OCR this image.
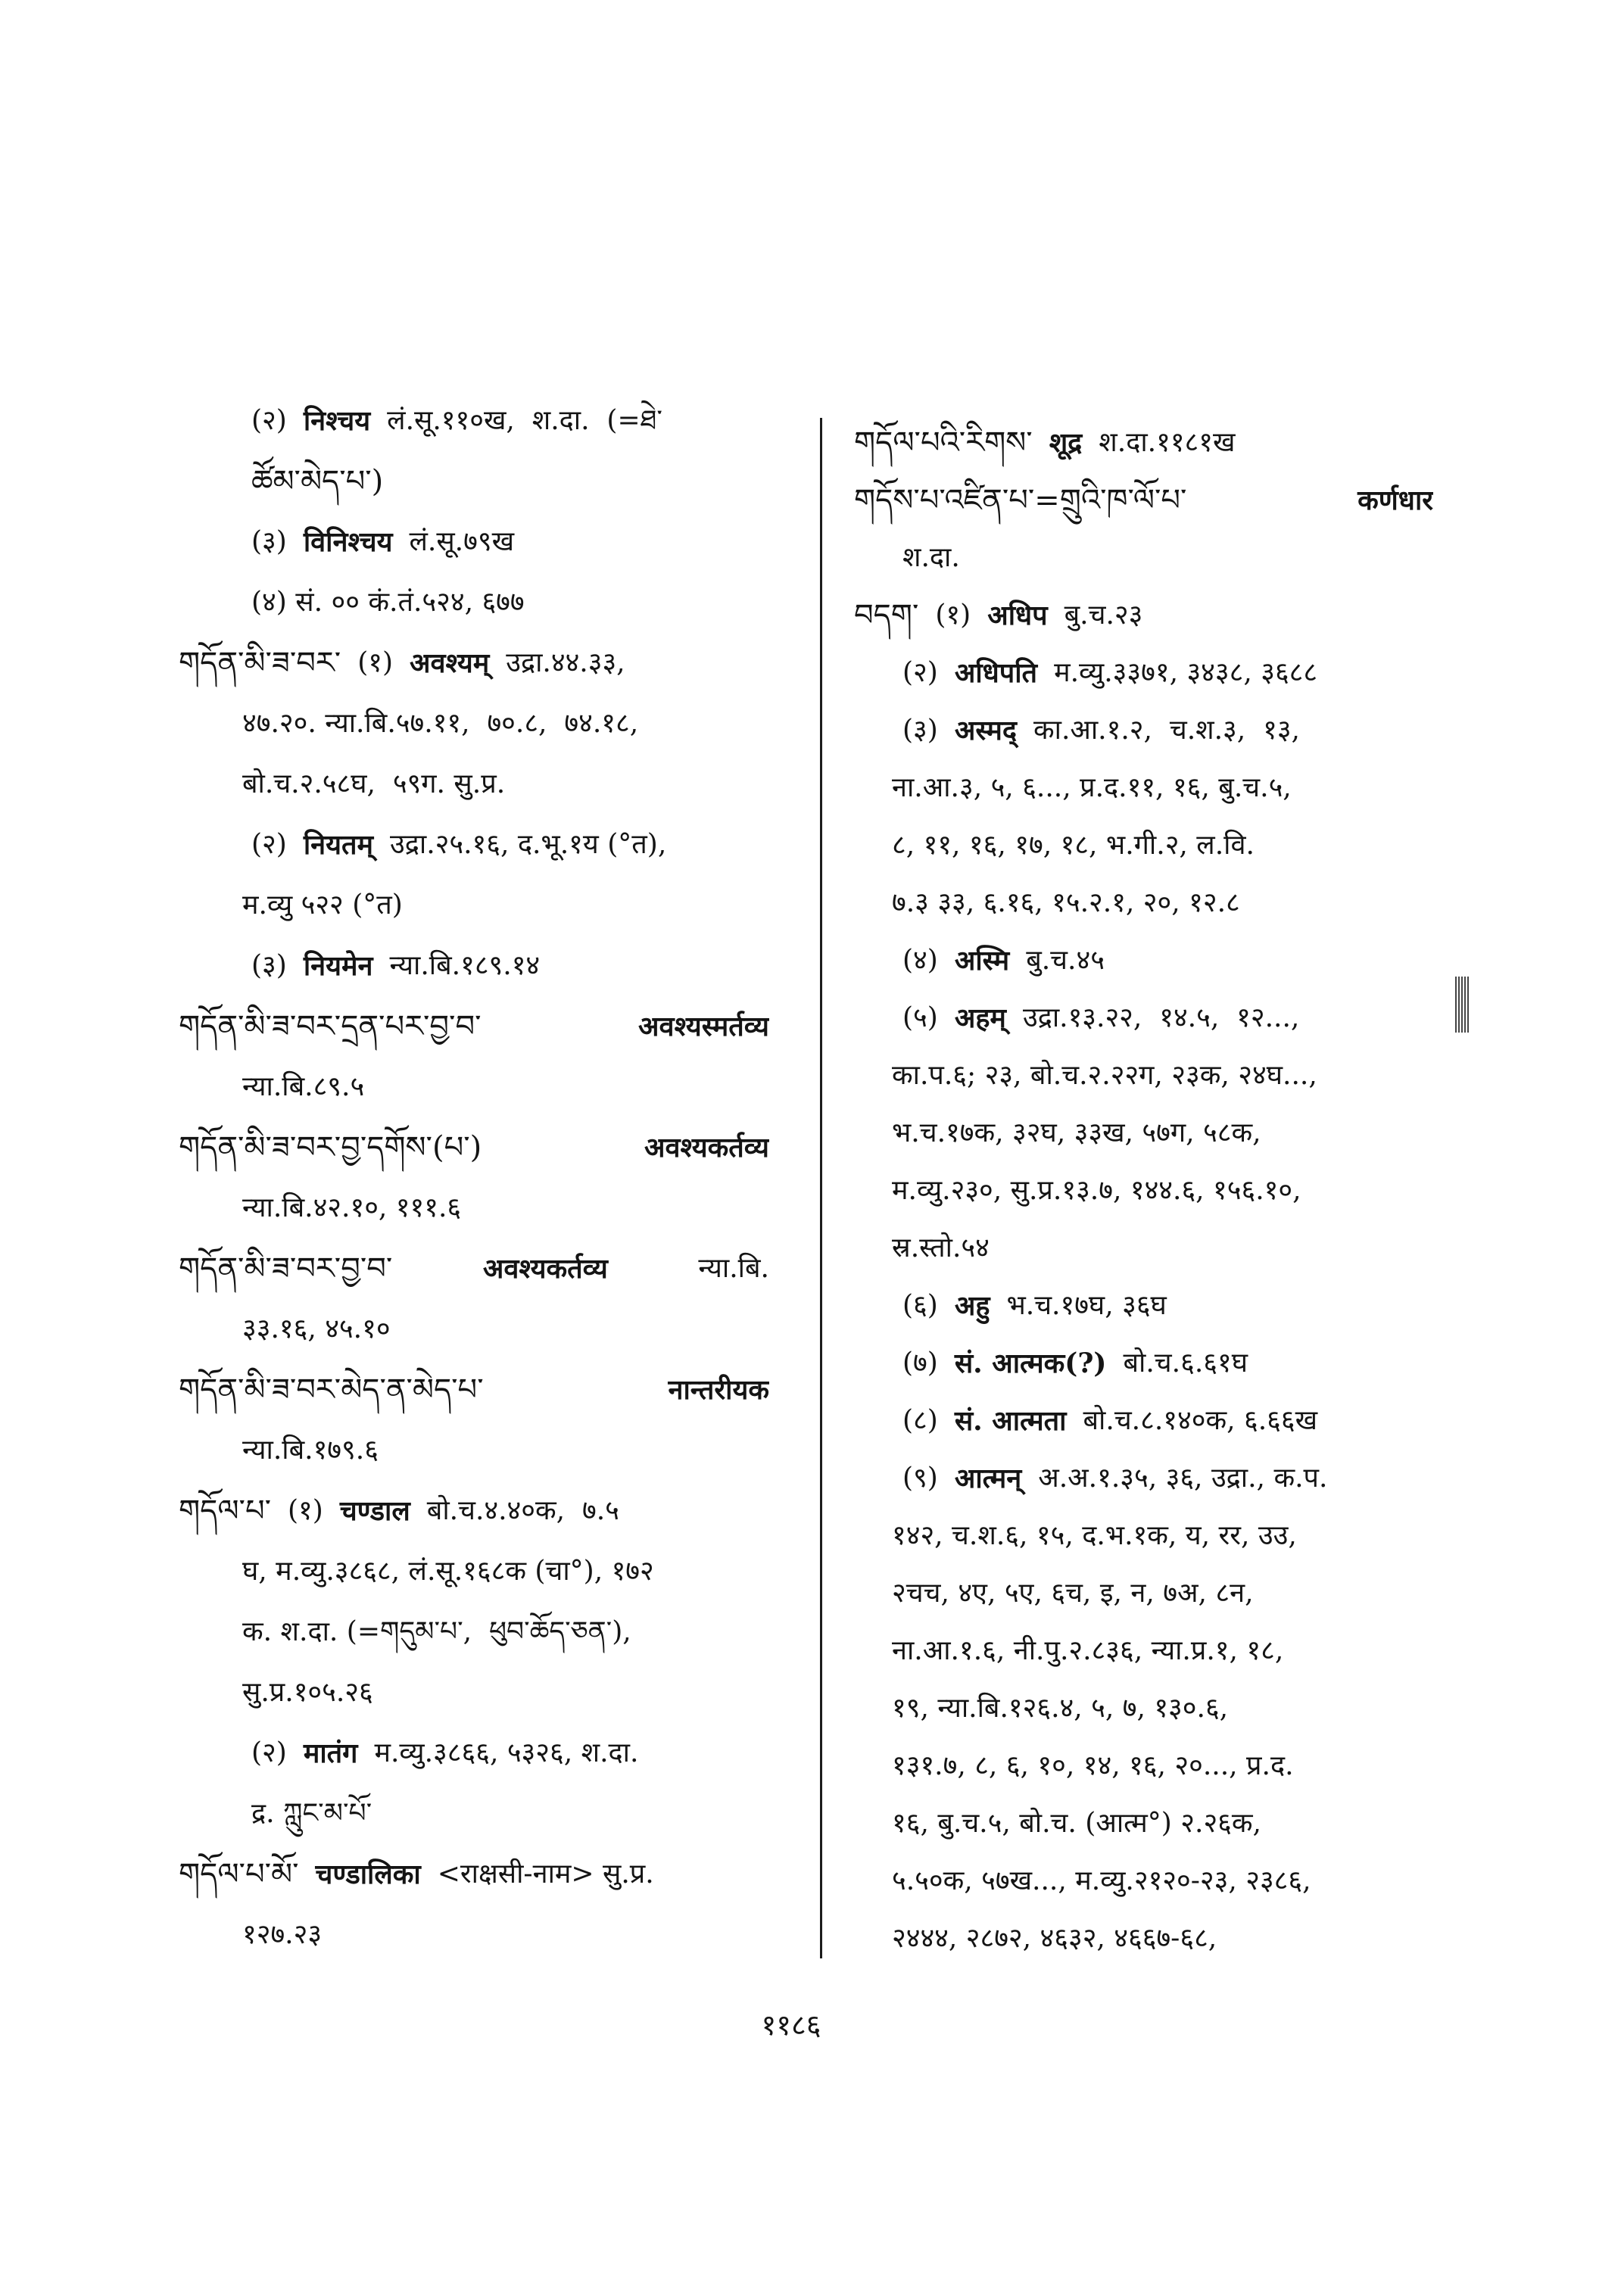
(२) निश्चय लं.सू.११०ख,  श.दा.  (=ཐེ་
ཚོམ་མེད་པ་)
(३) विनिश्चय लं.सू.७९ख
(४) सं. ०० कं.तं.५२४, ६७७
གདོན་མི་ཟ་བར་ (१) अवश्यम् उद्रा.४४.३३,
४७.२०. न्या.बि.५७.११,  ७०.८,  ७४.१८,
बो.च.२.५८घ,  ५९ग. सु.प्र.
(२) नियतम् उद्रा.२५.१६, द.भू.१य (°त),
म.व्यु ५२२ (°त)
(३) नियमेन न्या.बि.१८९.१४
གདོན་མི་ཟ་བར་དྲན་པར་བྱ་བ་	अवश्यस्मर्तव्य
न्या.बि.८९.५
གདོན་མི་ཟ་བར་བྱ་དགོས་(པ་)	अवश्यकर्तव्य
न्या.बि.४२.१०, १११.६
གདོན་མི་ཟ་བར་བྱ་བ་	अवश्यकर्तव्य	न्या.बि.
३३.१६, ४५.१०
གདོན་མི་ཟ་བར་མེད་ན་མེད་པ་	नान्तरीयक
न्या.बि.१७९.६
གདོལ་པ་ (१) चण्डाल बो.च.४.४०क,  ७.५
घ, म.व्यु.३८६८, लं.सू.१६८क (चा°), १७२
क. श.दा. (=གདུམ་པ་,  ཕུབ་ཆོད་ཅན་),
सु.प्र.१०५.२६
(२) मातंग म.व्यु.३८६६, ५३२६, श.दा.
द्र. ཀླུང་མ་པོ་
གདོལ་པ་མོ་ चण्डालिका <राक्षसी-नाम> सु.प्र.
१२७.२३
གདོལ་པའི་རིགས་ शूद्र श.दा.११८१ख
གདོས་པ་འཛིན་པ་=གྲུའི་ཁ་ལོ་པ་	कर्णधार
श.दा.
བདག་ (१) अधिप बु.च.२३
(२) अधिपति म.व्यु.३३७१, ३४३८, ३६८८
(३) अस्मद् का.आ.१.२,  च.श.३,  १३,
ना.आ.३, ५, ६..., प्र.द.११, १६, बु.च.५,
८, ११, १६, १७, १८, भ.गी.२, ल.वि.
७.३ ३३, ६.१६, १५.२.१, २०, १२.८
(४) अस्मि बु.च.४५
(५) अहम् उद्रा.१३.२२,  १४.५,  १२...,
का.प.६; २३, बो.च.२.२२ग, २३क, २४घ...,
भ.च.१७क, ३२घ, ३३ख, ५७ग, ५८क,
म.व्यु.२३०, सु.प्र.१३.७, १४४.६, १५६.१०,
स्र.स्तो.५४
(६) अहु भ.च.१७घ, ३६घ
(७) सं. आत्मक(?) बो.च.६.६१घ
(८) सं. आत्मता बो.च.८.१४०क, ६.६६ख
(९) आत्मन् अ.अ.१.३५, ३६, उद्रा., क.प.
१४२, च.श.६, १५, द.भ.१क, य, रर, उउ,
२चच, ४ए, ५ए, ६च, इ, न, ७अ, ८न,
ना.आ.१.६, नी.पु.२.८३६, न्या.प्र.१, १८,
१९, न्या.बि.१२६.४, ५, ७, १३०.६,
१३१.७, ८, ६, १०, १४, १६, २०..., प्र.द.
१६, बु.च.५, बो.च. (आत्म°) २.२६क,
५.५०क, ५७ख..., म.व्यु.२१२०-२३, २३८६,
२४४४, २८७२, ४६३२, ४६६७-६८,
११८६
